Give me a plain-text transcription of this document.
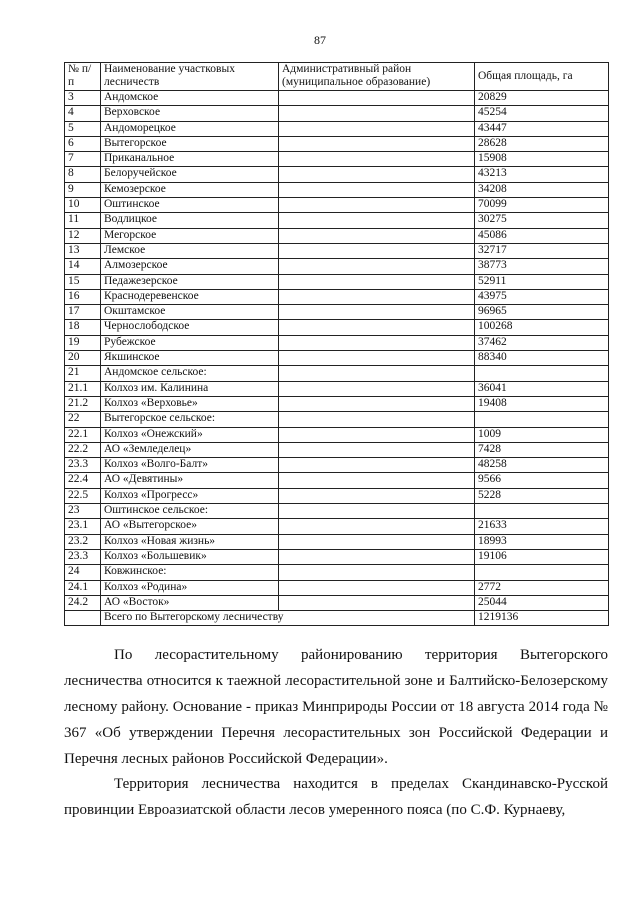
87
№ п/п	Наименование участковых лесничеств	Административный район (муниципальное образование)	Общая площадь, га
3	Андомское		20829
4	Верховское		45254
5	Андоморецкое		43447
6	Вытегорское		28628
7	Приканальное		15908
8	Белоручейское		43213
9	Кемозерское		34208
10	Оштинское		70099
11	Водлицкое		30275
12	Мегорское		45086
13	Лемское		32717
14	Алмозерское		38773
15	Педажезерское		52911
16	Краснодеревенское		43975
17	Окштамское		96965
18	Чернослободское		100268
19	Рубежское		37462
20	Якшинское		88340
21	Андомское сельское:		
21.1	Колхоз им. Калинина		36041
21.2	Колхоз «Верховье»		19408
22	Вытегорское сельское:		
22.1	Колхоз «Онежский»		1009
22.2	АО «Земледелец»		7428
23.3	Колхоз «Волго-Балт»		48258
22.4	АО «Девятины»		9566
22.5	Колхоз «Прогресс»		5228
23	Оштинское сельское:		
23.1	АО «Вытегорское»		21633
23.2	Колхоз «Новая жизнь»		18993
23.3	Колхоз «Большевик»		19106
24	Ковжинское:		
24.1	Колхоз «Родина»		2772
24.2	АО «Восток»		25044
	Всего по Вытегорскому лесничеству		1219136

По лесорастительному районированию территория Вытегорского лесничества относится к таежной лесорастительной зоне и Балтийско-Белозерскому лесному району. Основание - приказ Минприроды России от 18 августа 2014 года № 367 «Об утверждении Перечня лесорастительных зон Российской Федерации и Перечня лесных районов Российской Федерации».

Территория лесничества находится в пределах Скандинавско-Русской провинции Евроазиатской области лесов умеренного пояса (по С.Ф. Курнаеву,
